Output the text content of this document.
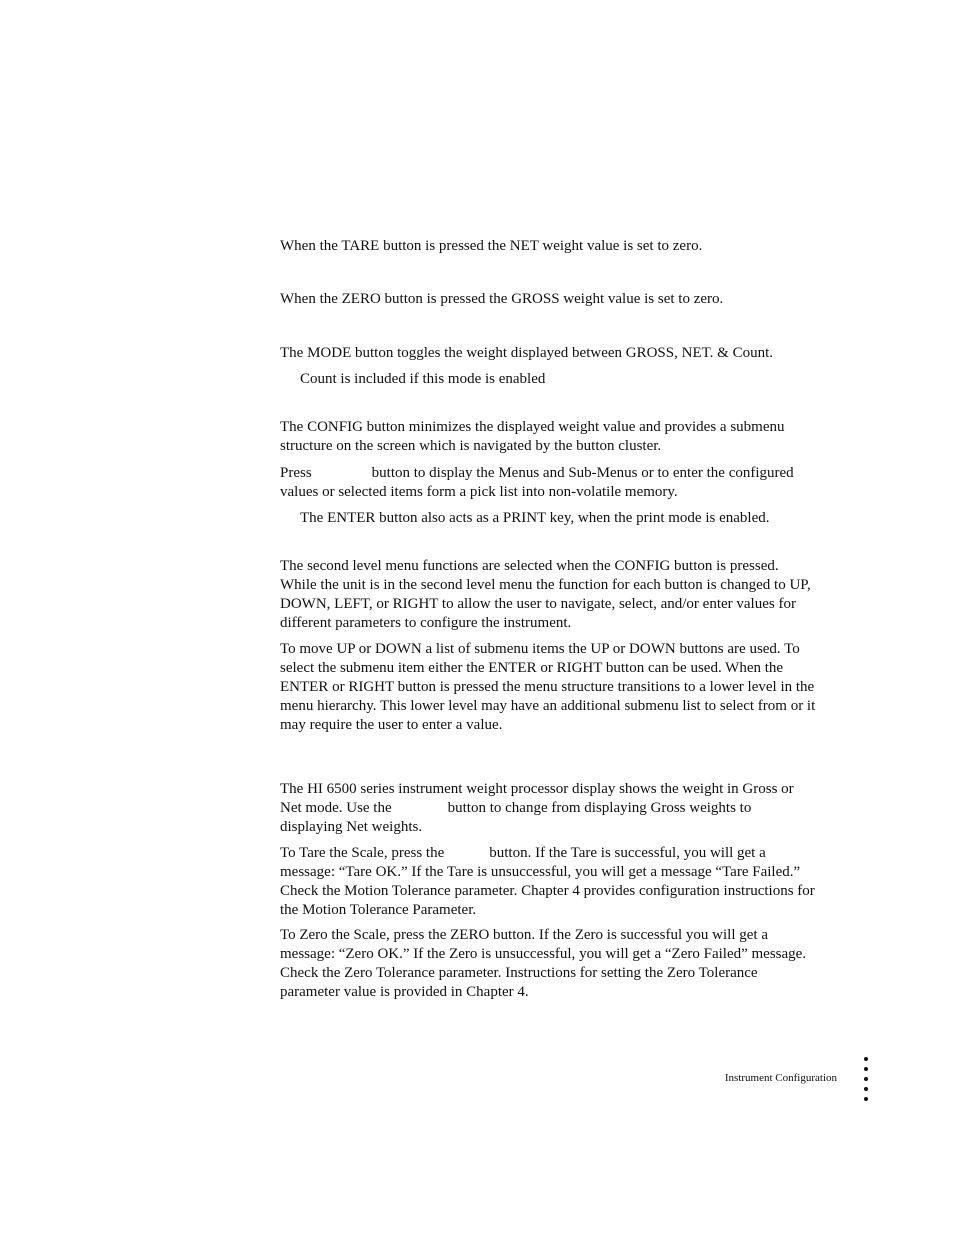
When the TARE button is pressed the NET weight value is set to zero.

When the ZERO button is pressed the GROSS weight value is set to zero.

The MODE button toggles the weight displayed between GROSS, NET. & Count.

Count is included if this mode is enabled

The CONFIG button minimizes the displayed weight value and provides a submenu structure on the screen which is navigated by the button cluster.

Press	button to display the Menus and Sub-Menus or to enter the configured values or selected items form a pick list into non-volatile memory.

The ENTER button also acts as a PRINT key, when the print mode is enabled.

The second level menu functions are selected when the CONFIG button is pressed. While the unit is in the second level menu the function for each button is changed to UP, DOWN, LEFT, or RIGHT to allow the user to navigate, select, and/or enter values for different parameters to configure the instrument.

To move UP or DOWN a list of submenu items the UP or DOWN buttons are used. To select the submenu item either the ENTER or RIGHT button can be used. When the ENTER or RIGHT button is pressed the menu structure transitions to a lower level in the menu hierarchy. This lower level may have an additional submenu list to select from or it may require the user to enter a value.

The HI 6500 series instrument weight processor display shows the weight in Gross or Net mode. Use the	button to change from displaying Gross weights to displaying Net weights.

To Tare the Scale, press the	button. If the Tare is successful, you will get a message: “Tare OK.” If the Tare is unsuccessful, you will get a message “Tare Failed.” Check the Motion Tolerance parameter. Chapter 4 provides configuration instructions for the Motion Tolerance Parameter.

To Zero the Scale, press the ZERO button. If the Zero is successful you will get a message: “Zero OK.” If the Zero is unsuccessful, you will get a “Zero Failed” message. Check the Zero Tolerance parameter. Instructions for setting the Zero Tolerance parameter value is provided in Chapter 4.

Instrument Configuration
